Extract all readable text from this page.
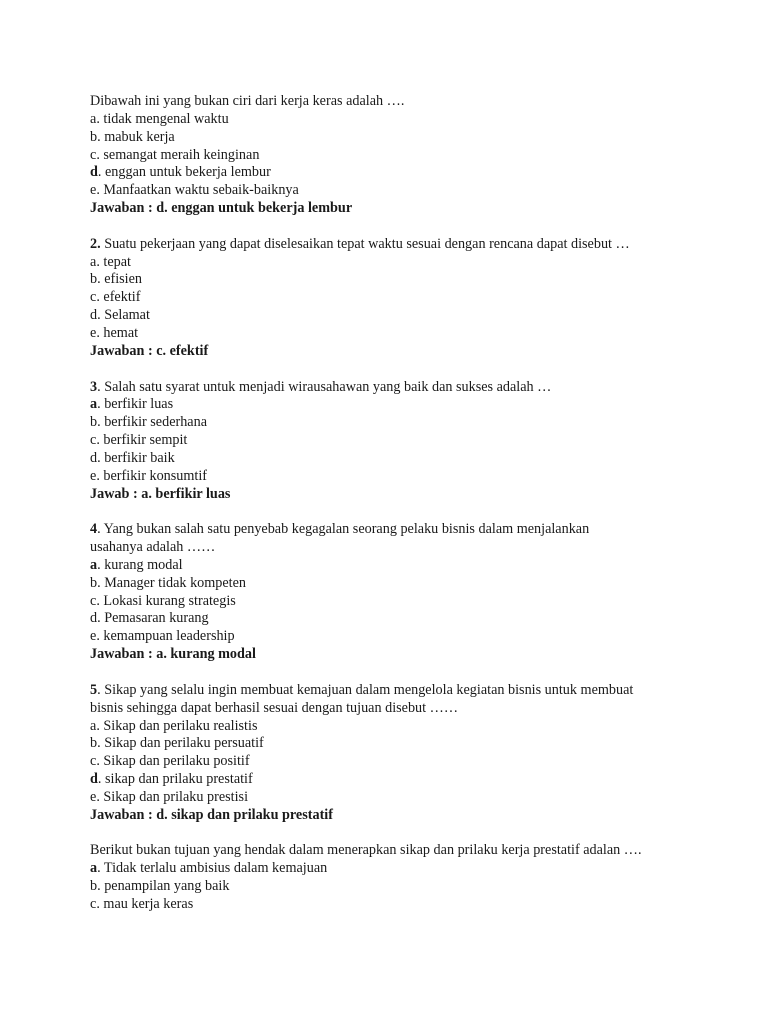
Dibawah ini yang bukan ciri dari kerja keras adalah ….
a. tidak mengenal waktu
b. mabuk kerja
c. semangat meraih keinginan
d. enggan untuk bekerja lembur
e. Manfaatkan waktu sebaik-baiknya
Jawaban : d. enggan untuk bekerja lembur
2. Suatu pekerjaan yang dapat diselesaikan tepat waktu sesuai dengan rencana dapat disebut …
a. tepat
b. efisien
c. efektif
d. Selamat
e. hemat
Jawaban : c. efektif
3. Salah satu syarat untuk menjadi wirausahawan yang baik dan sukses adalah …
a. berfikir luas
b. berfikir sederhana
c. berfikir sempit
d. berfikir baik
e. berfikir konsumtif
Jawab : a. berfikir luas
4. Yang bukan salah satu penyebab kegagalan seorang pelaku bisnis dalam menjalankan
usahanya adalah ……
a. kurang modal
b. Manager tidak kompeten
c. Lokasi kurang strategis
d. Pemasaran kurang
e. kemampuan leadership
Jawaban : a. kurang modal
5. Sikap yang selalu ingin membuat kemajuan dalam mengelola kegiatan bisnis untuk membuat
bisnis sehingga dapat berhasil sesuai dengan tujuan disebut ……
a. Sikap dan perilaku realistis
b. Sikap dan perilaku persuatif
c. Sikap dan perilaku positif
d. sikap dan prilaku prestatif
e. Sikap dan prilaku prestisi
Jawaban : d. sikap dan prilaku prestatif
Berikut bukan tujuan yang hendak dalam menerapkan sikap dan prilaku kerja prestatif adalan ….
a. Tidak terlalu ambisius dalam kemajuan
b. penampilan yang baik
c. mau kerja keras
